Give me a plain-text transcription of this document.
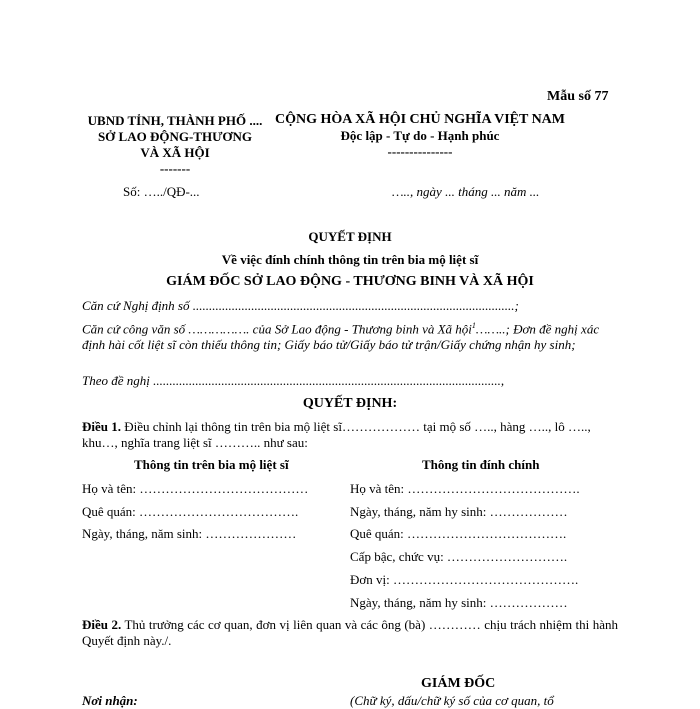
Mẫu số 77
UBND TỈNH, THÀNH PHỐ ....
SỞ LAO ĐỘNG-THƯƠNG
VÀ XÃ HỘI
-------
CỘNG HÒA XÃ HỘI CHỦ NGHĨA VIỆT NAM
Độc lập - Tự do - Hạnh phúc
---------------
Số: …../QĐ-...	….., ngày ... tháng ... năm ...
QUYẾT ĐỊNH
Về việc đính chính thông tin trên bia mộ liệt sĩ
GIÁM ĐỐC SỞ LAO ĐỘNG - THƯƠNG BINH VÀ XÃ HỘI
Căn cứ Nghị định số ...................................................................................................;
Căn cứ công văn số ……………. của Sở Lao động - Thương binh và Xã hội$^1$……..; Đơn đề nghị xác định hài cốt liệt sĩ còn thiếu thông tin; Giấy báo tử/Giấy báo tử trận/Giấy chứng nhận hy sinh;
Theo đề nghị ...........................................................................................................,
QUYẾT ĐỊNH:
Điều 1. Điều chỉnh lại thông tin trên bia mộ liệt sĩ……………… tại mộ số ….., hàng ….., lô ….., khu…, nghĩa trang liệt sĩ ……….. như sau:
Thông tin trên bia mộ liệt sĩ
Họ và tên: …………………………………
Quê quán: ……………………………….
Ngày, tháng, năm sinh: …………………
Thông tin đính chính
Họ và tên: ………………………………….
Ngày, tháng, năm hy sinh: ………………
Quê quán: ……………………………….
Cấp bậc, chức vụ: ……………………….
Đơn vị: …………………………………….
Ngày, tháng, năm hy sinh: ………………
Điều 2. Thủ trưởng các cơ quan, đơn vị liên quan và các ông (bà) ………… chịu trách nhiệm thi hành Quyết định này./.
GIÁM ĐỐC
(Chữ ký, dấu/chữ ký số của cơ quan, tổ
Nơi nhận:
